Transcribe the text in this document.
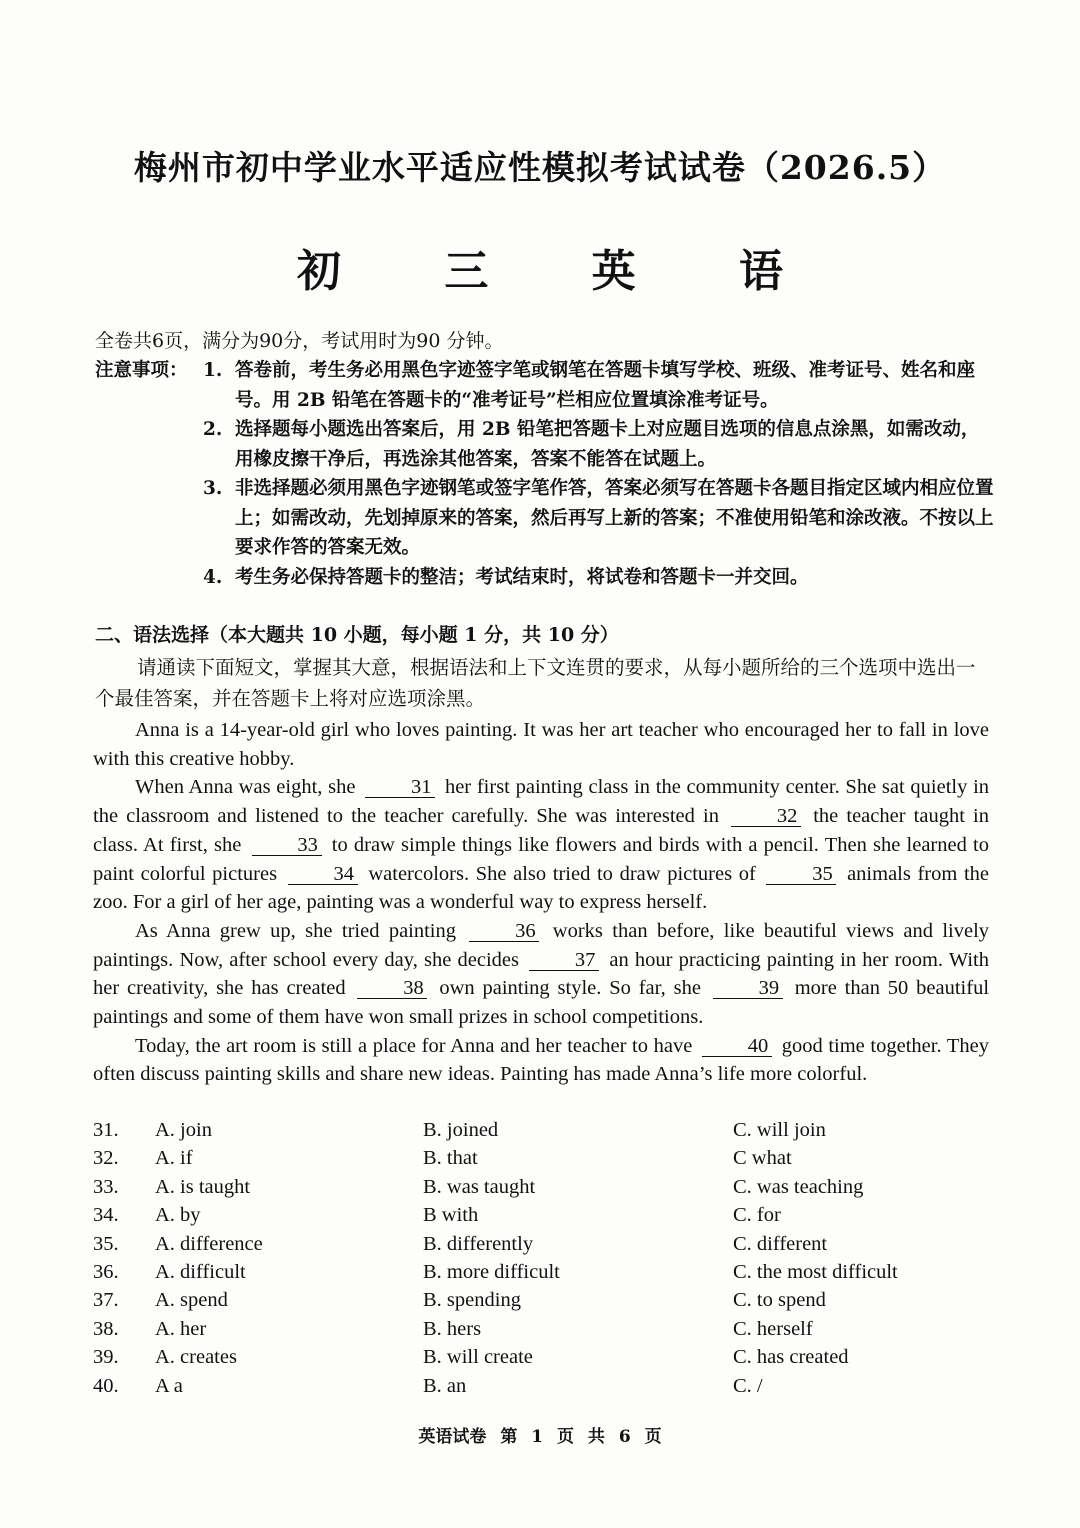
梅州市初中学业水平适应性模拟考试试卷（2026.5）
初 三 英 语
全卷共6页，满分为90分，考试用时为90 分钟。
注意事项： 1. 答卷前，考生务必用黑色字迹签字笔或钢笔在答题卡填写学校、班级、准考证号、姓名和座号。用 2B 铅笔在答题卡的“准考证号”栏相应位置填涂准考证号。
2. 选择题每小题选出答案后，用 2B 铅笔把答题卡上对应题目选项的信息点涂黑，如需改动，用橡皮擦干净后，再选涂其他答案，答案不能答在试题上。
3. 非选择题必须用黑色字迹钢笔或签字笔作答，答案必须写在答题卡各题目指定区域内相应位置上；如需改动，先划掉原来的答案，然后再写上新的答案；不准使用铅笔和涂改液。不按以上要求作答的答案无效。
4. 考生务必保持答题卡的整洁；考试结束时，将试卷和答题卡一并交回。
二、语法选择（本大题共 10 小题，每小题 1 分，共 10 分）
请通读下面短文，掌握其大意，根据语法和上下文连贯的要求，从每小题所给的三个选项中选出一个最佳答案，并在答题卡上将对应选项涂黑。

Anna is a 14-year-old girl who loves painting. It was her art teacher who encouraged her to fall in love with this creative hobby.

When Anna was eight, she	31 her first painting class in the community center. She sat quietly in the classroom and listened to the teacher carefully. She was interested in	32 the teacher taught in class. At first, she	33 to draw simple things like flowers and birds with a pencil. Then she learned to paint colorful pictures	34 watercolors. She also tried to draw pictures of	35 animals from the zoo. For a girl of her age, painting was a wonderful way to express herself.

As Anna grew up, she tried painting	36 works than before, like beautiful views and lively paintings. Now, after school every day, she decides	37 an hour practicing painting in her room. With her creativity, she has created	38 own painting style. So far, she	39 more than 50 beautiful paintings and some of them have won small prizes in school competitions.

Today, the art room is still a place for Anna and her teacher to have	40 good time together. They often discuss painting skills and share new ideas. Painting has made Anna’s life more colorful.

31. A. join	B. joined	C. will join
32. A. if	B. that	C what
33. A. is taught	B. was taught	C. was teaching
34. A. by	B with	C. for
35. A. difference	B. differently	C. different
36. A. difficult	B. more difficult	C. the most difficult
37. A. spend	B. spending	C. to spend
38. A. her	B. hers	C. herself
39. A. creates	B. will create	C. has created
40. A a	B. an	C. /
英语试卷 第 1 页 共 6 页
